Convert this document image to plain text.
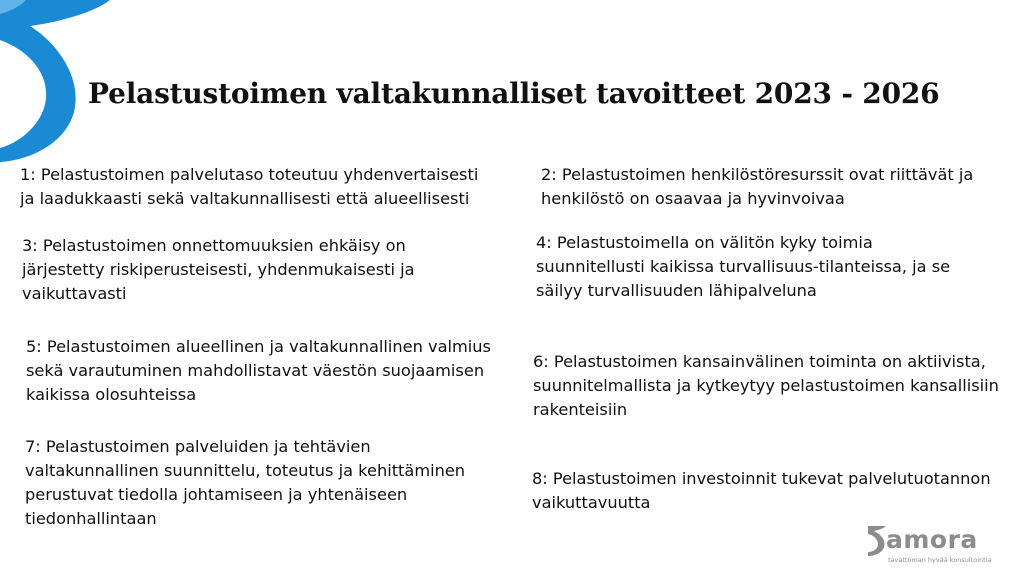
Pelastustoimen valtakunnalliset tavoitteet 2023 - 2026
1: Pelastustoimen palvelutaso toteutuu yhdenvertaisesti
ja laadukkaasti sekä valtakunnallisesti että alueellisesti
2: Pelastustoimen henkilöstöresurssit ovat riittävät ja
henkilöstö on osaavaa ja hyvinvoivaa
3: Pelastustoimen onnettomuuksien ehkäisy on
järjestetty riskiperusteisesti, yhdenmukaisesti ja
vaikuttavasti
4: Pelastustoimella on välitön kyky toimia
suunnitellusti kaikissa turvallisuus-tilanteissa, ja se
säilyy turvallisuuden lähipalveluna
5: Pelastustoimen alueellinen ja valtakunnallinen valmius
sekä varautuminen mahdollistavat väestön suojaamisen
kaikissa olosuhteissa
6: Pelastustoimen kansainvälinen toiminta on aktiivista,
suunnitelmallista ja kytkeytyy pelastustoimen kansallisiin
rakenteisiin
7: Pelastustoimen palveluiden ja tehtävien
valtakunnallinen suunnittelu, toteutus ja kehittäminen
perustuvat tiedolla johtamiseen ja yhtenäiseen
tiedonhallintaan
8: Pelastustoimen investoinnit tukevat palvelutuotannon
vaikuttavuutta
amora
tavattoman hyvää konsultointia
